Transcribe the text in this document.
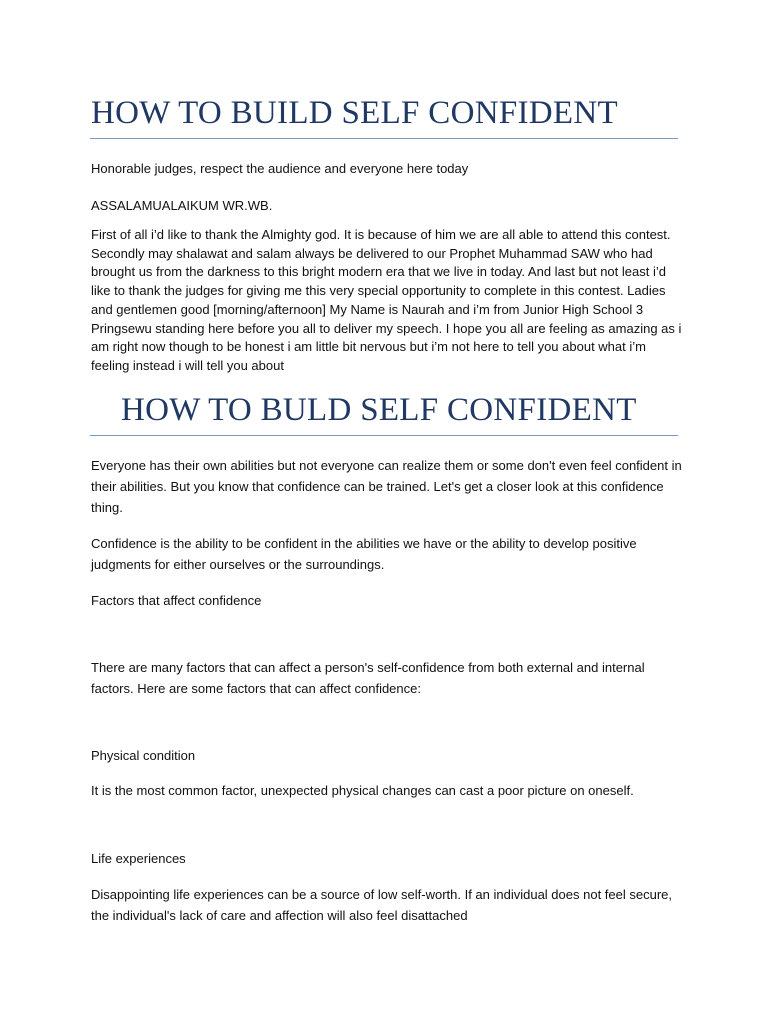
HOW TO BUILD SELF CONFIDENT

Honorable judges, respect the audience and everyone here today

ASSALAMUALAIKUM WR.WB.

First of all i’d like to thank the Almighty god. It is because of him we are all able to attend this contest. Secondly may shalawat and salam always be delivered to our Prophet Muhammad SAW who had brought us from the darkness to this bright modern era that we live in today. And last but not least i’d like to thank the judges for giving me this very special opportunity to complete in this contest. Ladies and gentlemen good [morning/afternoon] My Name is Naurah and i’m from Junior High School 3 Pringsewu standing here before you all to deliver my speech. I hope you all are feeling as amazing as i am right now though to be honest i am little bit nervous but i’m not here to tell you about what i’m feeling instead i will tell you about

HOW TO BULD SELF CONFIDENT

Everyone has their own abilities but not everyone can realize them or some don't even feel confident in their abilities. But you know that confidence can be trained. Let's get a closer look at this confidence thing.

Confidence is the ability to be confident in the abilities we have or the ability to develop positive judgments for either ourselves or the surroundings.

Factors that affect confidence

There are many factors that can affect a person's self-confidence from both external and internal factors. Here are some factors that can affect confidence:

Physical condition

It is the most common factor, unexpected physical changes can cast a poor picture on oneself.

Life experiences

Disappointing life experiences can be a source of low self-worth. If an individual does not feel secure, the individual's lack of care and affection will also feel disattached
